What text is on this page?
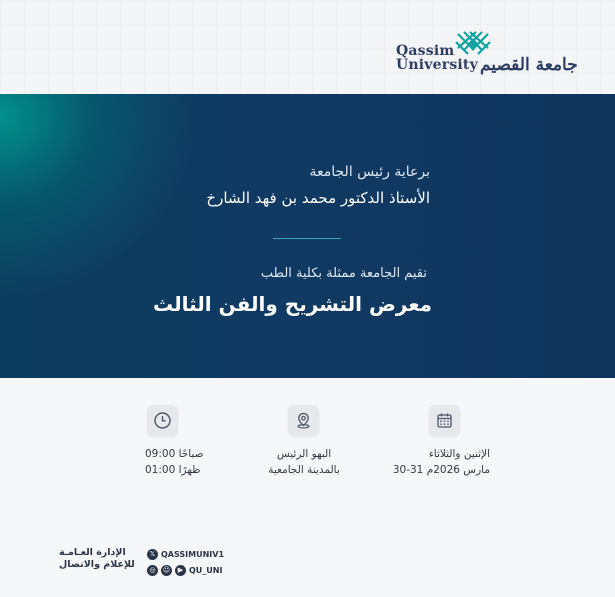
Qassim
University جامعة القصيم
برعاية رئيس الجامعة
الأستاذ الدكتور محمد بن فهد الشارخ
تقيم الجامعة ممثلة بكلية الطب
معرض التشريح والفن الثالث
09:00 صباحًا
01:00 ظهرًا
البهو الرئيس
بالمدينة الجامعية
الإثنين والثلاثاء
30-31 مارس 2026م
الإدارة العـامـة
للإعلام والاتصال
𝕏 QASSIMUNIV1
◎	☺	▶ QU_UNI
